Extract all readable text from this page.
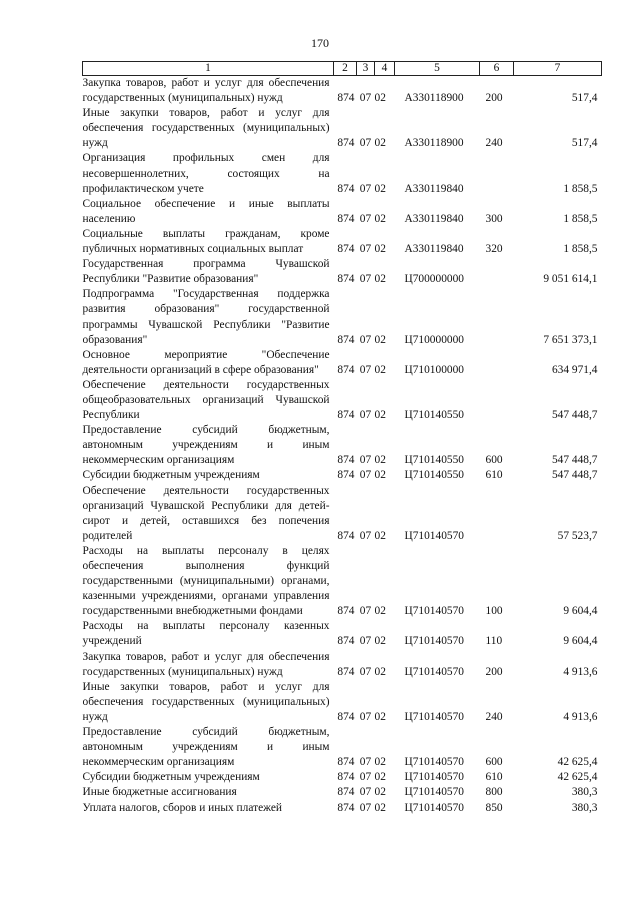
170
1	2	3	4	5	6	7
Закупка товаров, работ и услуг для обеспечения государственных (муниципальных) нужд	874	07	02	А330118900	200	517,4
Иные закупки товаров, работ и услуг для обеспечения государственных (муниципальных) нужд	874	07	02	А330118900	240	517,4
Организация профильных смен для несовершеннолетних, состоящих на профилактическом учете	874	07	02	А330119840		1 858,5
Социальное обеспечение и иные выплаты населению	874	07	02	А330119840	300	1 858,5
Социальные выплаты гражданам, кроме публичных нормативных социальных выплат	874	07	02	А330119840	320	1 858,5
Государственная программа Чувашской Республики "Развитие образования"	874	07	02	Ц700000000		9 051 614,1
Подпрограмма "Государственная поддержка развития образования" государственной программы Чувашской Республики "Развитие образования"	874	07	02	Ц710000000		7 651 373,1
Основное мероприятие "Обеспечение деятельности организаций в сфере образования"	874	07	02	Ц710100000		634 971,4
Обеспечение деятельности государственных общеобразовательных организаций Чувашской Республики	874	07	02	Ц710140550		547 448,7
Предоставление субсидий бюджетным, автономным учреждениям и иным некоммерческим организациям	874	07	02	Ц710140550	600	547 448,7
Субсидии бюджетным учреждениям	874	07	02	Ц710140550	610	547 448,7
Обеспечение деятельности государственных организаций Чувашской Республики для детей-сирот и детей, оставшихся без попечения родителей	874	07	02	Ц710140570		57 523,7
Расходы на выплаты персоналу в целях обеспечения выполнения функций государственными (муниципальными) органами, казенными учреждениями, органами управления государственными внебюджетными фондами	874	07	02	Ц710140570	100	9 604,4
Расходы на выплаты персоналу казенных учреждений	874	07	02	Ц710140570	110	9 604,4
Закупка товаров, работ и услуг для обеспечения государственных (муниципальных) нужд	874	07	02	Ц710140570	200	4 913,6
Иные закупки товаров, работ и услуг для обеспечения государственных (муниципальных) нужд	874	07	02	Ц710140570	240	4 913,6
Предоставление субсидий бюджетным, автономным учреждениям и иным некоммерческим организациям	874	07	02	Ц710140570	600	42 625,4
Субсидии бюджетным учреждениям	874	07	02	Ц710140570	610	42 625,4
Иные бюджетные ассигнования	874	07	02	Ц710140570	800	380,3
Уплата налогов, сборов и иных платежей	874	07	02	Ц710140570	850	380,3
